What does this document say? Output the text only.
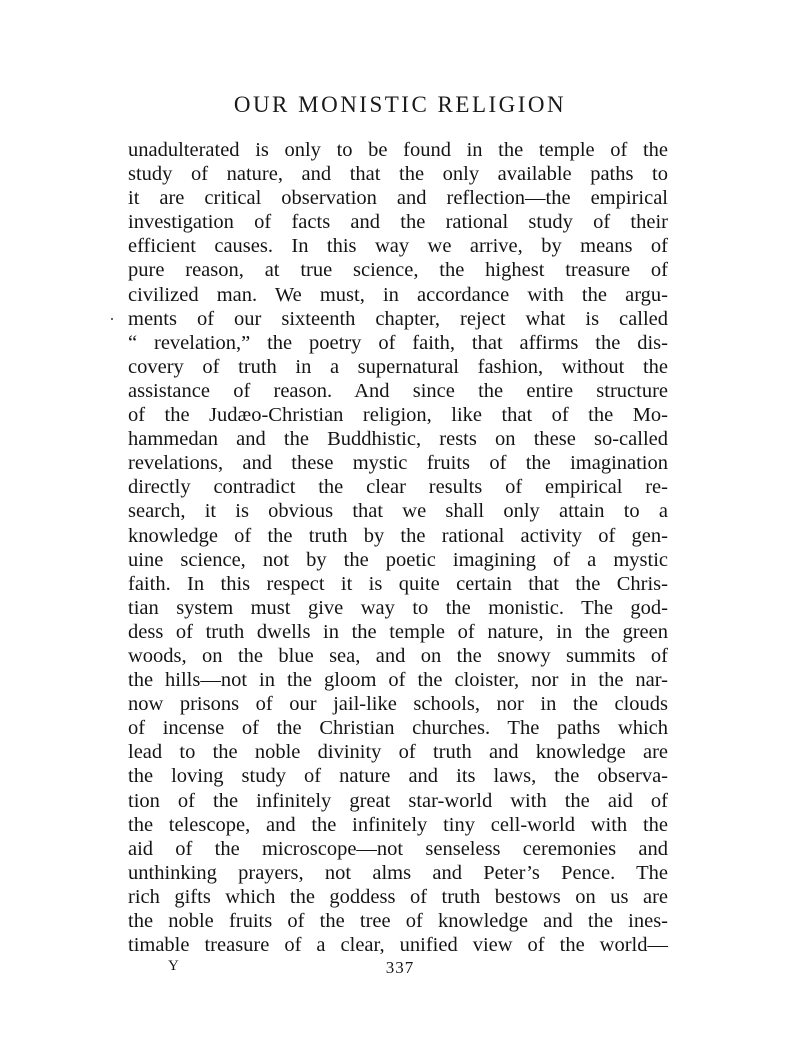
OUR MONISTIC RELIGION
unadulterated is only to be found in the temple of the
study of nature, and that the only available paths to
it are critical observation and reflection—the empirical
investigation of facts and the rational study of their
efficient causes. In this way we arrive, by means of
pure reason, at true science, the highest treasure of
civilized man. We must, in accordance with the argu-
ments of our sixteenth chapter, reject what is called
“ revelation,” the poetry of faith, that affirms the dis-
covery of truth in a supernatural fashion, without the
assistance of reason. And since the entire structure
of the Judæo-Christian religion, like that of the Mo-
hammedan and the Buddhistic, rests on these so-called
revelations, and these mystic fruits of the imagination
directly contradict the clear results of empirical re-
search, it is obvious that we shall only attain to a
knowledge of the truth by the rational activity of gen-
uine science, not by the poetic imagining of a mystic
faith. In this respect it is quite certain that the Chris-
tian system must give way to the monistic. The god-
dess of truth dwells in the temple of nature, in the green
woods, on the blue sea, and on the snowy summits of
the hills—not in the gloom of the cloister, nor in the nar-
now prisons of our jail-like schools, nor in the clouds
of incense of the Christian churches. The paths which
lead to the noble divinity of truth and knowledge are
the loving study of nature and its laws, the observa-
tion of the infinitely great star-world with the aid of
the telescope, and the infinitely tiny cell-world with the
aid of the microscope—not senseless ceremonies and
unthinking prayers, not alms and Peter’s Pence. The
rich gifts which the goddess of truth bestows on us are
the noble fruits of the tree of knowledge and the ines-
timable treasure of a clear, unified view of the world—
Y	337
